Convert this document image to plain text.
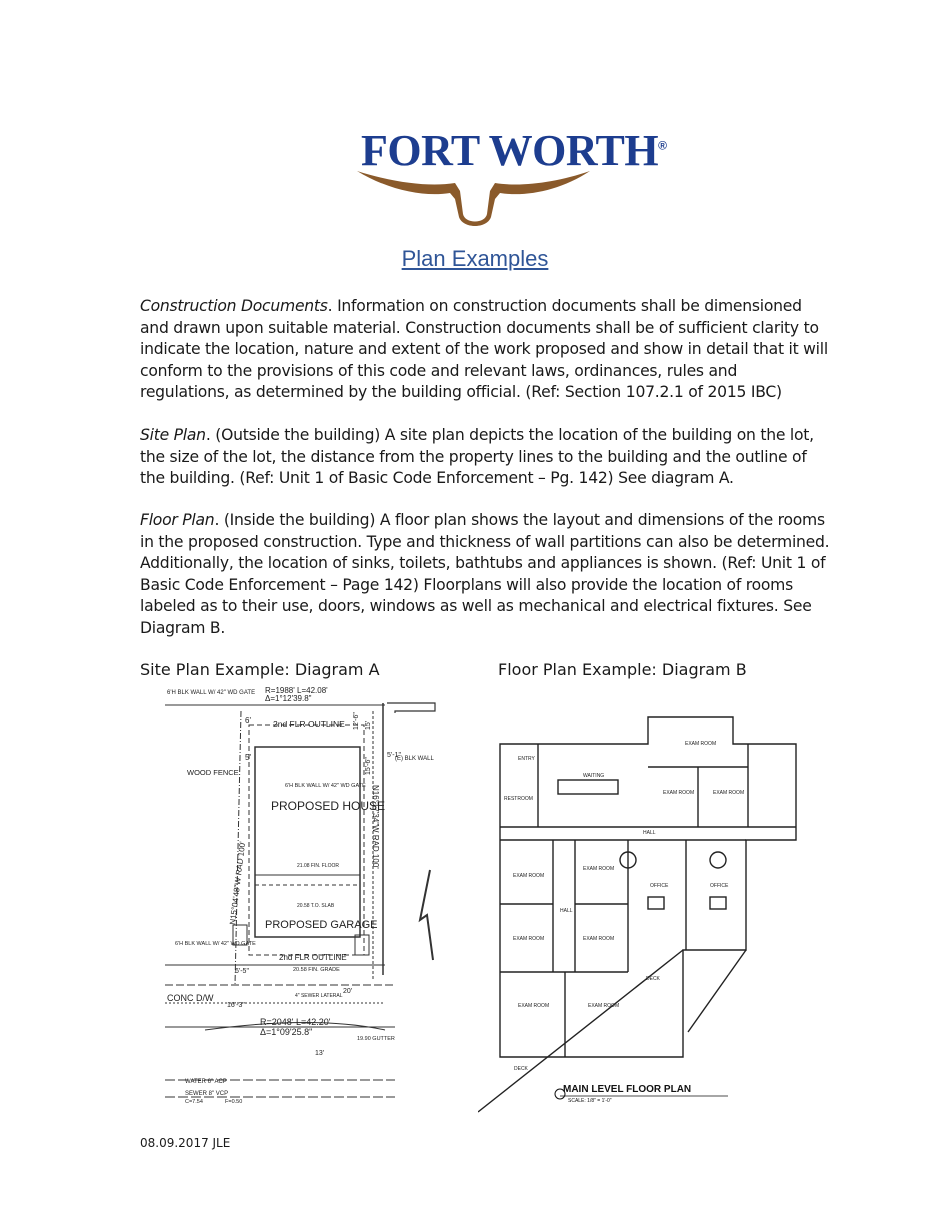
FORT WORTH®
Plan Examples
Construction Documents. Information on construction documents shall be dimensioned and drawn upon suitable material. Construction documents shall be of sufficient clarity to indicate the location, nature and extent of the work proposed and show in detail that it will conform to the provisions of this code and relevant laws, ordinances, rules and regulations, as determined by the building official. (Ref: Section 107.2.1 of 2015 IBC)
Site Plan. (Outside the building) A site plan depicts the location of the building on the lot, the size of the lot, the distance from the property lines to the building and the outline of the building. (Ref: Unit 1 of Basic Code Enforcement – Pg. 142) See diagram A.
Floor Plan. (Inside the building) A floor plan shows the layout and dimensions of the rooms in the proposed construction. Type and thickness of wall partitions can also be determined. Additionally, the location of sinks, toilets, bathtubs and appliances is shown. (Ref: Unit 1 of Basic Code Enforcement – Page 142) Floorplans will also provide the location of rooms labeled as to their use, doors, windows as well as mechanical and electrical fixtures. See Diagram B.
Site Plan Example: Diagram A	Floor Plan Example: Diagram B
R=1988' L=42.08'
Δ=1°12'39.8"
6'H BLK WALL W/ 42" WD GATE
2nd FLR OUTLINE
WOOD FENCE
6'H BLK WALL W/ 42" WD GATE
PROPOSED HOUSE
21.08 FIN. FLOOR
20.58 T.O. SLAB
PROPOSED GARAGE
6'H BLK WALL W/ 42" WD GATE
2nd FLR OUTLINE
20.58 FIN. GRADE
CONC D/W	4" SEWER LATERAL
R=2048' L=42.20'
Δ=1°09'25.8"
19.90 GUTTER
WATER 6" ACP
SEWER 8" VCP
C=7.54	F=0.50
(E) BLK WALL
6'
5'	5'-1"
6'-5"
16'-3"
20'
13'
12'-6" 15'
15'-6"
N15°04'48"W RAD 100'
N16°17'34"W RAD 100'
ENTRY
WAITING
RESTROOM
EXAM ROOM	EXAM ROOM
EXAM ROOM
HALL
EXAM ROOM
EXAM ROOM
OFFICE	OFFICE
HALL
EXAM ROOM	EXAM ROOM
DECK
EXAM ROOM	EXAM ROOM
DECK
MAIN LEVEL FLOOR PLAN
SCALE: 1/8" = 1'-0"
08.09.2017 JLE
